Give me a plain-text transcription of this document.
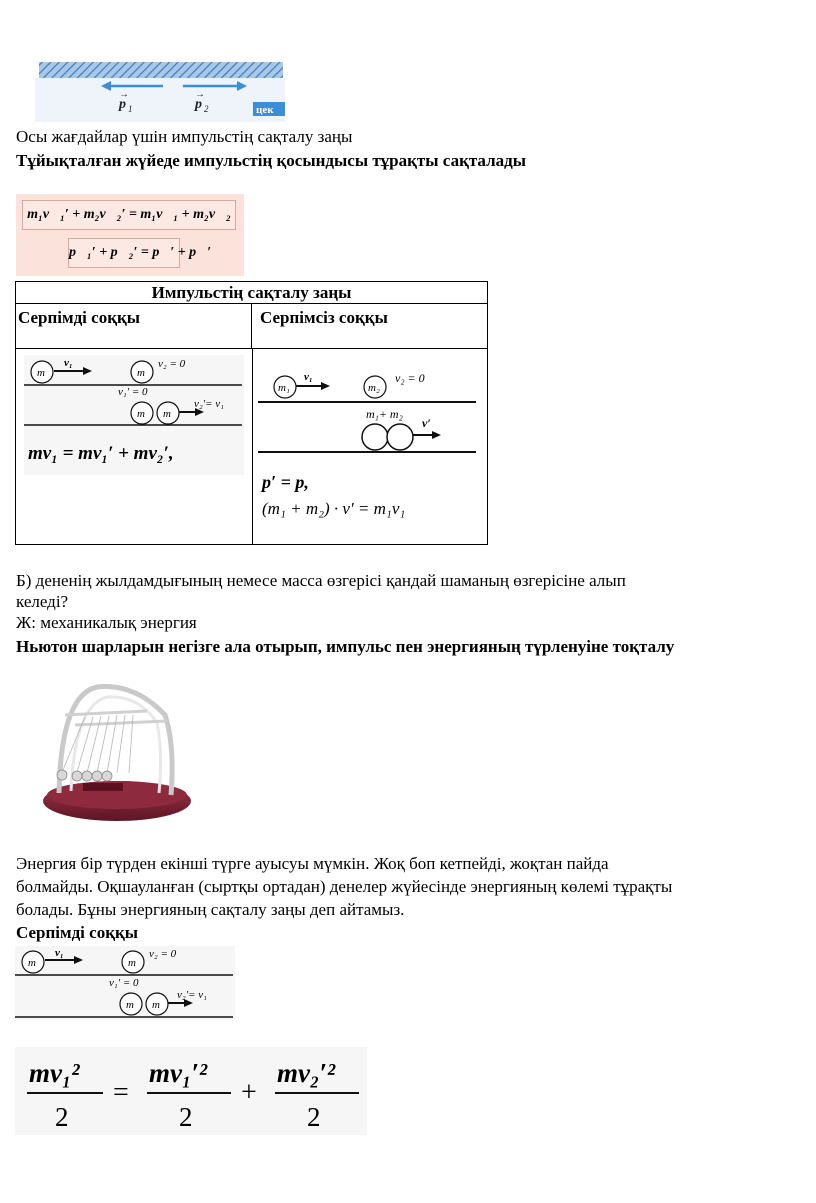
p 1
→
p 2
→
цек
Осы жағдайлар үшін импульстің сақталу заңы
Тұйықталған жүйеде импульстің қосындысы тұрақты сақталады
m₁v⃗₁′ + m₂v⃗₂′ = m₁v⃗₁ + m₂v⃗₂
p⃗₁′ + p⃗₂′ = p⃗′ + p⃗′
Импульстің сақталу заңы
Серпімді соққы	Серпімсіз соққы
m
v₁
m
v₂ = 0
v₁′ = 0
m m
v₂′= v₁
mv₁ = mv₁′ + mv₂′,
m₁
v₁
m₂
v₂ = 0
m₁+ m₂
v′
p′ = p,
(m₁ + m₂) · v′ = m₁v₁
Б) дененің жылдамдығының немесе масса өзгерісі қандай шаманың өзгерісіне алып
келеді?
Ж: механикалық энергия
Ньютон шарларын негізге ала отырып, импульс пен энергияның түрленуіне тоқталу
Энергия бір түрден екінші түрге ауысуы мүмкін. Жоқ боп кетпейді, жоқтан пайда
болмайды. Оқшауланған (сыртқы ортадан) денелер жүйесінде энергияның көлемі тұрақты
болады. Бұны энергияның сақталу заңы деп айтамыз.
Серпімді соққы
m
v₁
m
v₂ = 0
v₁′ = 0
m m
v₂′= v₁
mv₁²
2
=
mv₁′²
2
+
mv₂′²
2
